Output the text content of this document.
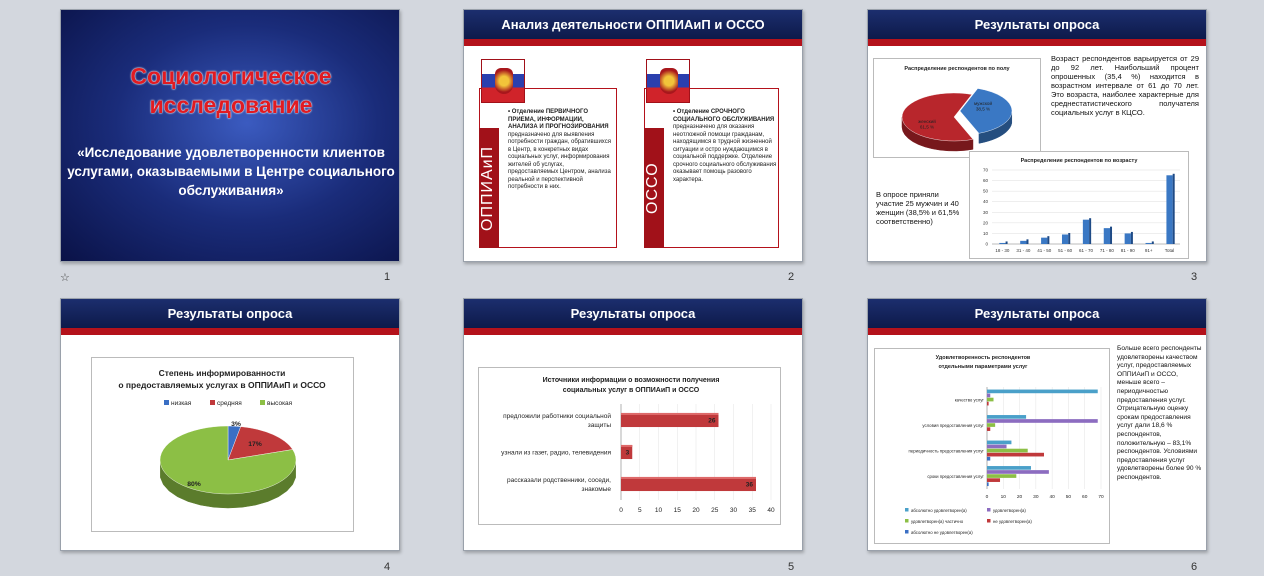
Социологическое исследование
«Исследование удовлетворенности клиентов услугами, оказываемыми в Центре социального обслуживания»
☆	1
Анализ деятельности ОППИАиП и ОССО
ОППИАиП
• Отделение ПЕРВИЧНОГО ПРИЕМА, ИНФОРМАЦИИ, АНАЛИЗА И ПРОГНОЗИРОВАНИЯ предназначено для выявления потребности граждан, обратившихся в Центр, в конкретных видах социальных услуг, информирования жителей об услугах, предоставляемых Центром, анализа реальной и перспективной потребности в них.	ОССО
• Отделение СРОЧНОГО СОЦИАЛЬНОГО ОБСЛУЖИВАНИЯ предназначено для оказания неотложной помощи гражданам, находящимся в трудной жизненной ситуации и остро нуждающимся в социальной поддержке. Отделение срочного социального обслуживания оказывает помощь разового характера.
2
Результаты опроса
Распределение респондентов по полу
мужской
38,5 %
женский
61,5 %
Возраст респондентов варьируется от 29 до 92 лет. Наибольший процент опрошенных (35,4 %) находится в возрастном интервале от 61 до 70 лет. Это возраста, наиболее характерные для среднестатистического получателя социальных услуг в КЦСО.
В опросе приняли участие 25 мужчин и 40 женщин (38,5% и 61,5% соответственно)
Распределение респондентов по возрасту
0
10
20
30
40
50
60
70
18 - 30 31 - 40 41 - 50 51 - 60 61 - 70 71 - 80 81 - 90 91+	Total
3
Результаты опроса
Степень информированности
о предоставляемых услугах в ОППИАиП и ОССО
низкая	средняя	высокая
3%
17%
80%
4
Результаты опроса
Источники информации о возможности получения
социальных услуг в ОППИАиП и ОССО
0 5 10 15 20 25 30 35 40
26
предложили работники социальной
защиты
3
узнали из газет, радио, телевидения
36
рассказали родственники, соседи,
знакомые
5
Результаты опроса
Удовлетворенность респондентов
отдельными параметрами услуг
0	10 20 30 40 50 60 70
качество услуг
условия предоставления услуг
периодичность предоставления услуг
сроки предоставления услуг
абсолютно удовлетворен(а)	удовлетворен(а)
удовлетворен(а) частично	не удовлетворен(а)
абсолютно не удовлетворен(а)
Больше всего респонденты удовлетворены качеством услуг, предоставляемых ОППИАиП и ОССО, меньше всего – периодичностью предоставления услуг. Отрицательную оценку срокам предоставления услуг дали 18,6 % респондентов, положительную – 83,1% респондентов. Условиями предоставления услуг удовлетворены более 90 % респондентов.
6
